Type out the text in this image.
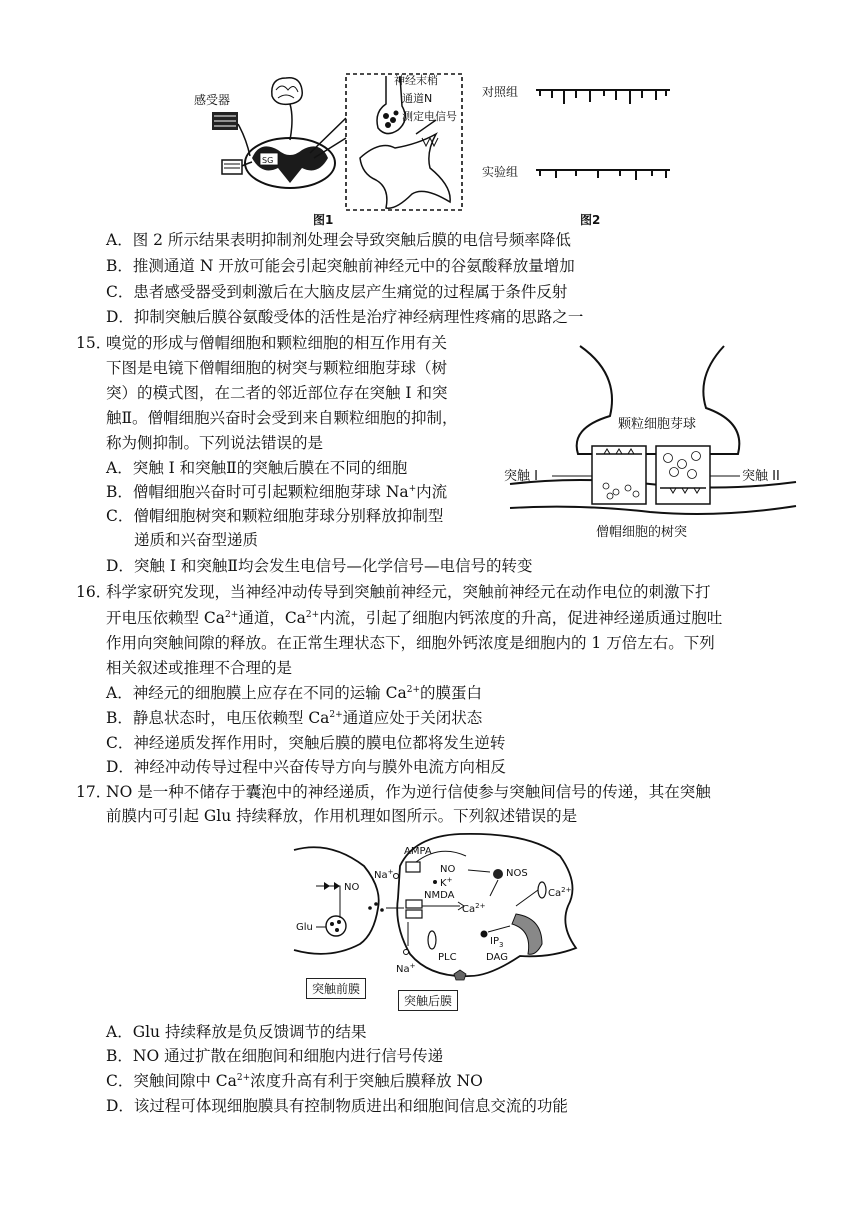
感受器
SG
神经末梢
通道N
测定电信号
图1
对照组
实验组
图2
A．图 2 所示结果表明抑制剂处理会导致突触后膜的电信号频率降低
B．推测通道 N 开放可能会引起突触前神经元中的谷氨酸释放量增加
C．患者感受器受到刺激后在大脑皮层产生痛觉的过程属于条件反射
D．抑制突触后膜谷氨酸受体的活性是治疗神经病理性疼痛的思路之一
15．
嗅觉的形成与僧帽细胞和颗粒细胞的相互作用有关
下图是电镜下僧帽细胞的树突与颗粒细胞芽球（树
突）的模式图，在二者的邻近部位存在突触 I 和突
触Ⅱ。僧帽细胞兴奋时会受到来自颗粒细胞的抑制，
称为侧抑制。下列说法错误的是
A．突触 I 和突触Ⅱ的突触后膜在不同的细胞
B．僧帽细胞兴奋时可引起颗粒细胞芽球 Na+内流
C．僧帽细胞树突和颗粒细胞芽球分别释放抑制型
递质和兴奋型递质
D．突触 I 和突触Ⅱ均会发生电信号—化学信号—电信号的转变
颗粒细胞芽球
僧帽细胞的树突
突触 I	突触 II
16．
科学家研究发现，当神经冲动传导到突触前神经元，突触前神经元在动作电位的刺激下打
开电压依赖型 $Ca^{2+}$通道，$Ca^{2+}$内流，引起了细胞内钙浓度的升高，促进神经递质通过胞吐
作用向突触间隙的释放。在正常生理状态下，细胞外钙浓度是细胞内的 1 万倍左右。下列
相关叙述或推理不合理的是
A．神经元的细胞膜上应存在不同的运输 $Ca^{2+}$的膜蛋白
B．静息状态时，电压依赖型 $Ca^{2+}$通道应处于关闭状态
C．神经递质发挥作用时，突触后膜的膜电位都将发生逆转
D．神经冲动传导过程中兴奋传导方向与膜外电流方向相反
17．
NO 是一种不储存于囊泡中的神经递质，作为逆行信使参与突触间信号的传递，其在突触
前膜内可引起 Glu 持续释放，作用机理如图所示。下列叙述错误的是
Glu
NO
AMPA
Na+	NO
K+
NMDA
$Ca^{2+}$
NOS
$Ca^{2+}$
$IP_3$
PLC	DAG
Na+
突触前膜
突触后膜
A．Glu 持续释放是负反馈调节的结果
B．NO 通过扩散在细胞间和细胞内进行信号传递
C．突触间隙中 $Ca^{2+}$浓度升高有利于突触后膜释放 NO
D．该过程可体现细胞膜具有控制物质进出和细胞间信息交流的功能
